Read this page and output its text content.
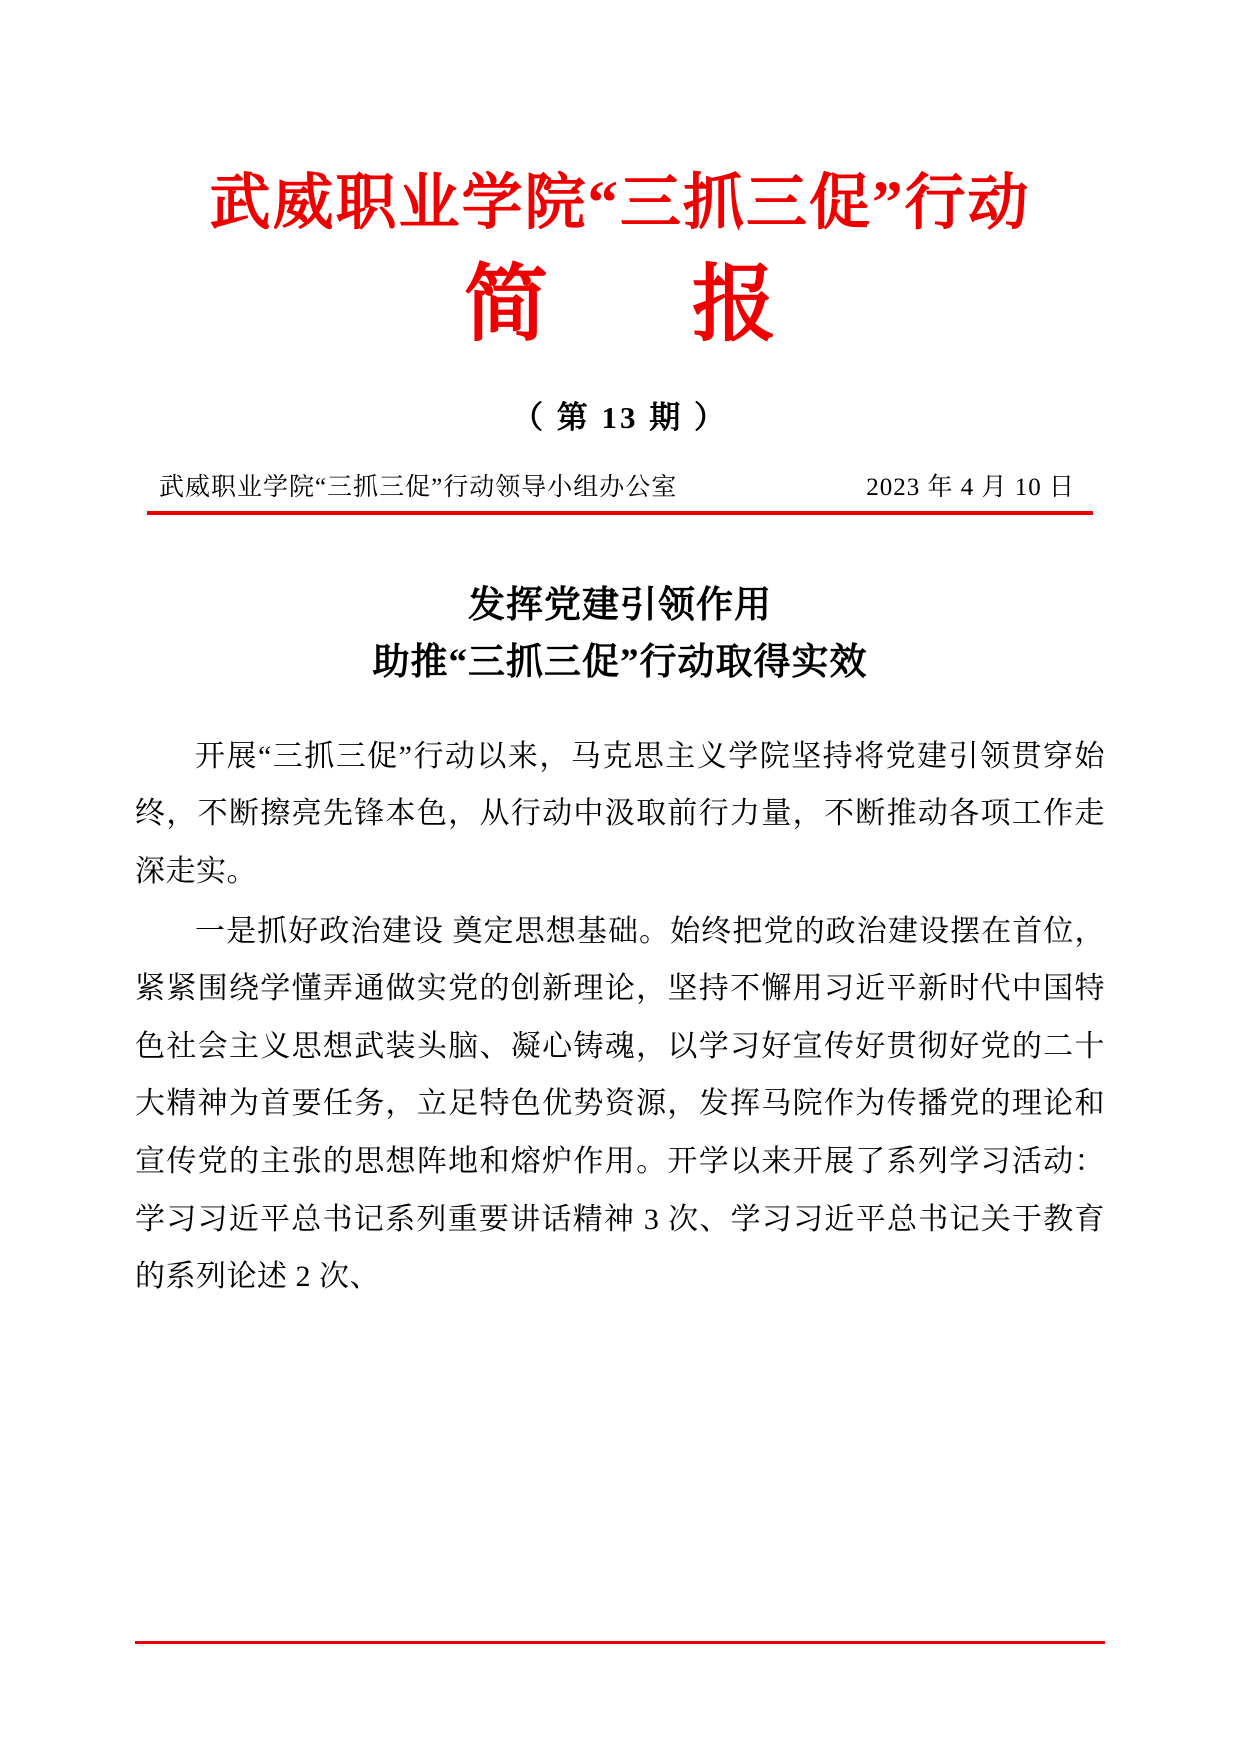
武威职业学院“三抓三促”行动
简　报
（ 第 13 期 ）
武威职业学院“三抓三促”行动领导小组办公室	2023 年 4 月 10 日
发挥党建引领作用
助推“三抓三促”行动取得实效

开展“三抓三促”行动以来，马克思主义学院坚持将党建引领贯穿始终，不断擦亮先锋本色，从行动中汲取前行力量，不断推动各项工作走深走实。

一是抓好政治建设 奠定思想基础。始终把党的政治建设摆在首位，紧紧围绕学懂弄通做实党的创新理论，坚持不懈用习近平新时代中国特色社会主义思想武装头脑、凝心铸魂，以学习好宣传好贯彻好党的二十大精神为首要任务，立足特色优势资源，发挥马院作为传播党的理论和宣传党的主张的思想阵地和熔炉作用。开学以来开展了系列学习活动：学习习近平总书记系列重要讲话精神 3 次、学习习近平总书记关于教育的系列论述 2 次、
